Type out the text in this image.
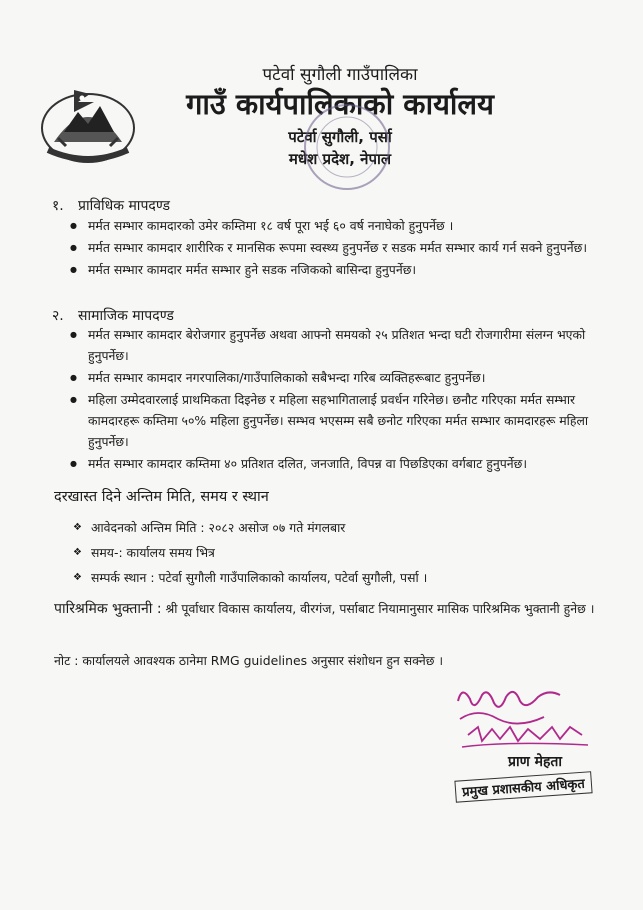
पटेर्वा सुगौली गाउँपालिका
गाउँ कार्यपालिकाको कार्यालय
पटेर्वा सुगौली, पर्सा
मधेश प्रदेश, नेपाल
१. प्राविधिक मापदण्ड
● मर्मत सम्भार कामदारको उमेर कम्तिमा १८ वर्ष पूरा भई ६० वर्ष ननाघेको हुनुपर्नेछ ।
● मर्मत सम्भार कामदार शारीरिक र मानसिक रूपमा स्वस्थ्य हुनुपर्नेछ र सडक मर्मत सम्भार कार्य गर्न सक्ने हुनुपर्नेछ।
● मर्मत सम्भार कामदार मर्मत सम्भार हुने सडक नजिकको बासिन्दा हुनुपर्नेछ।
२. सामाजिक मापदण्ड
● मर्मत सम्भार कामदार बेरोजगार हुनुपर्नेछ अथवा आफ्नो समयको २५ प्रतिशत भन्दा घटी रोजगारीमा संलग्न भएको हुनुपर्नेछ।
● मर्मत सम्भार कामदार नगरपालिका/गाउँपालिकाको सबैभन्दा गरिब व्यक्तिहरूबाट हुनुपर्नेछ।
● महिला उम्मेदवारलाई प्राथमिकता दिइनेछ र महिला सहभागितालाई प्रवर्धन गरिनेछ। छनौट गरिएका मर्मत सम्भार कामदारहरू कम्तिमा ५०% महिला हुनुपर्नेछ। सम्भव भएसम्म सबै छनोट गरिएका मर्मत सम्भार कामदारहरू महिला हुनुपर्नेछ।
● मर्मत सम्भार कामदार कम्तिमा ४० प्रतिशत दलित, जनजाति, विपन्न वा पिछडिएका वर्गबाट हुनुपर्नेछ।
दरखास्त दिने अन्तिम मिति, समय र स्थान
❖ आवेदनको अन्तिम मिति : २०८२ असोज ०७ गते मंगलबार
❖ समय-: कार्यालय समय भित्र
❖ सम्पर्क स्थान : पटेर्वा सुगौली गाउँपालिकाको कार्यालय, पटेर्वा सुगौली, पर्सा ।
पारिश्रमिक भुक्तानी : श्री पूर्वाधार विकास कार्यालय, वीरगंज, पर्साबाट नियामानुसार मासिक पारिश्रमिक भुक्तानी हुनेछ ।
नोट : कार्यालयले आवश्यक ठानेमा RMG guidelines अनुसार संशोधन हुन सक्नेछ ।
प्राण मेहता
प्रमुख प्रशासकीय अधिकृत
